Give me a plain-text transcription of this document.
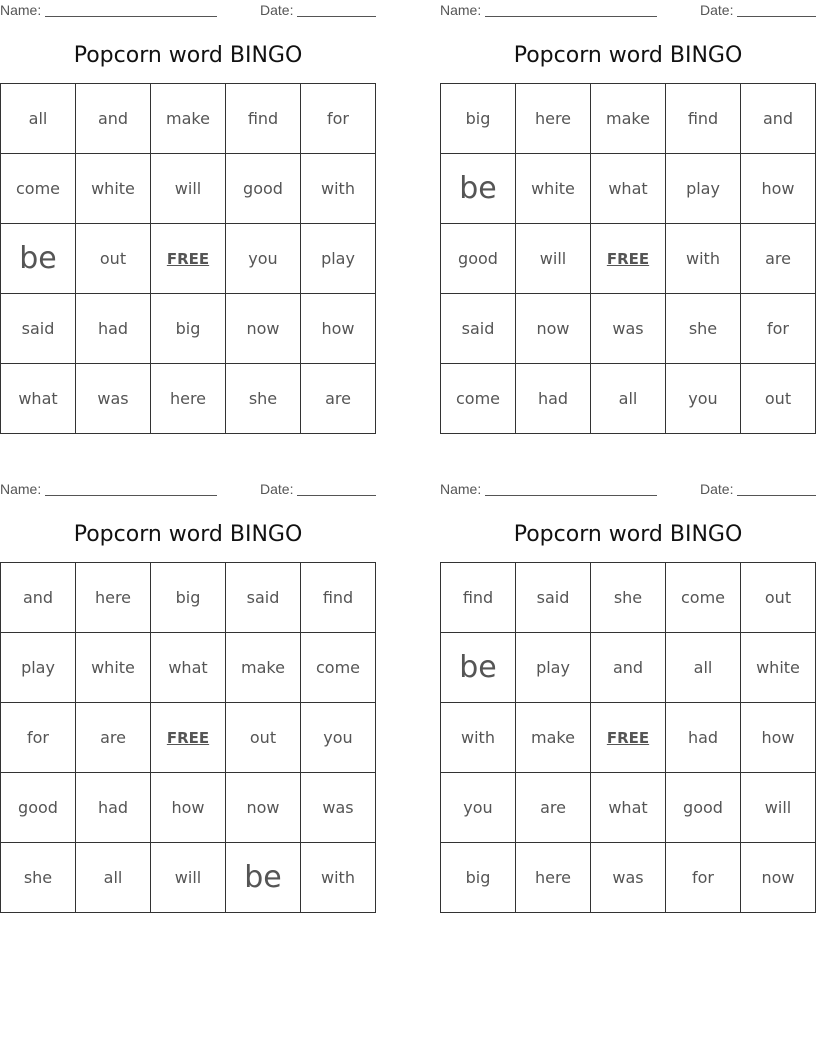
Name:	Date:
Popcorn word BINGO
all	and	make	find	for
come	white	will	good	with
be	out	FREE	you	play
said	had	big	now	how
what	was	here	she	are
Name:	Date:
Popcorn word BINGO
big	here	make	find	and
be	white	what	play	how
good	will	FREE	with	are
said	now	was	she	for
come	had	all	you	out
Name:	Date:
Popcorn word BINGO
and	here	big	said	find
play	white	what	make	come
for	are	FREE	out	you
good	had	how	now	was
she	all	will	be	with
Name:	Date:
Popcorn word BINGO
find	said	she	come	out
be	play	and	all	white
with	make	FREE	had	how
you	are	what	good	will
big	here	was	for	now
